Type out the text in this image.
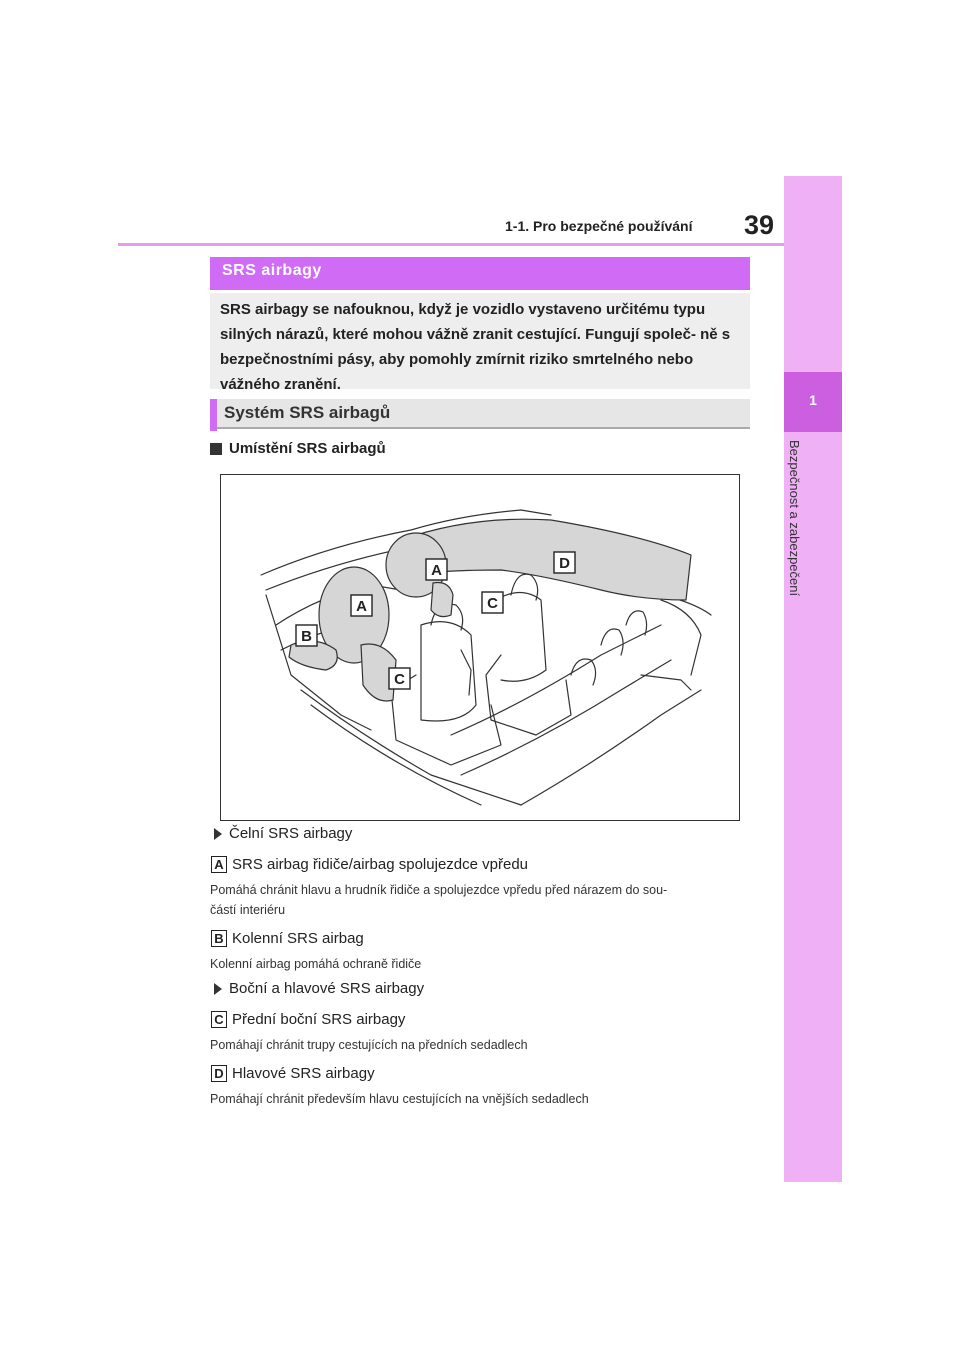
1-1. Pro bezpečné používání 39
1
Bezpečnost a zabezpečení
SRS airbagy
SRS airbagy se nafouknou, když je vozidlo vystaveno určitému typu silných nárazů, které mohou vážně zranit cestující. Fungují společ- ně s bezpečnostními pásy, aby pomohly zmírnit riziko smrtelného nebo vážného zranění.
Systém SRS airbagů
Umístění SRS airbagů
A
A
B
C
C
D
Čelní SRS airbagy
A SRS airbag řidiče/airbag spolujezdce vpředu
Pomáhá chránit hlavu a hrudník řidiče a spolujezdce vpředu před nárazem do sou-
částí interiéru
B Kolenní SRS airbag
Kolenní airbag pomáhá ochraně řidiče
Boční a hlavové SRS airbagy
C Přední boční SRS airbagy
Pomáhají chránit trupy cestujících na předních sedadlech
D Hlavové SRS airbagy
Pomáhají chránit především hlavu cestujících na vnějších sedadlech
